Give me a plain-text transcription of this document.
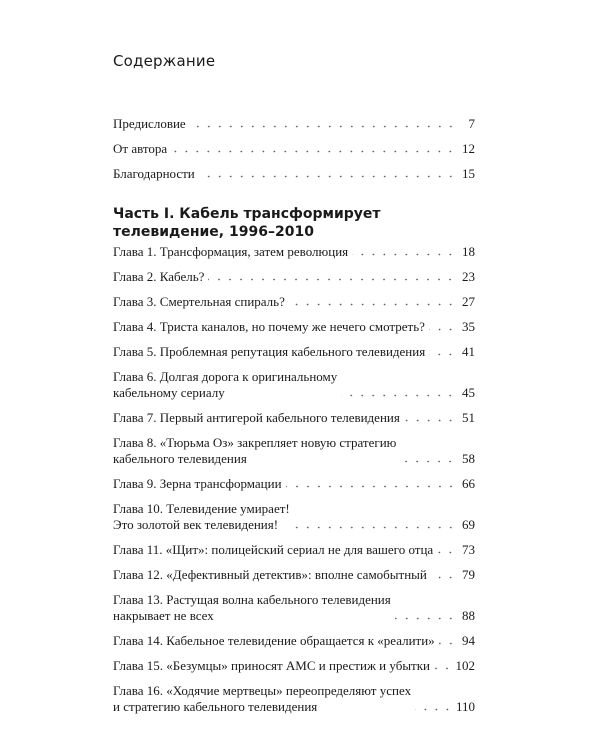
Содержание
Предисловие	7
От автора	12
Благодарности	15
Часть I. Кабель трансформирует телевидение, 1996–2010
Глава 1. Трансформация, затем революция	18
Глава 2. Кабель?	23
Глава 3. Смертельная спираль?	27
Глава 4. Триста каналов, но почему же нечего смотреть?	35
Глава 5. Проблемная репутация кабельного телевидения	41
Глава 6. Долгая дорога к оригинальному
кабельному сериалу	45
Глава 7. Первый антигерой кабельного телевидения	51
Глава 8. «Тюрьма Оз» закрепляет новую стратегию
кабельного телевидения	58
Глава 9. Зерна трансформации	66
Глава 10. Телевидение умирает!
Это золотой век телевидения!	69
Глава 11. «Щит»: полицейский сериал не для вашего отца 73
Глава 12. «Дефективный детектив»: вполне самобытный	79
Глава 13. Растущая волна кабельного телевидения
накрывает не всех	88
Глава 14. Кабельное телевидение обращается к «реалити» 94
Глава 15. «Безумцы» приносят AMC и престиж и убытки 102
Глава 16. «Ходячие мертвецы» переопределяют успех
и стратегию кабельного телевидения	110
